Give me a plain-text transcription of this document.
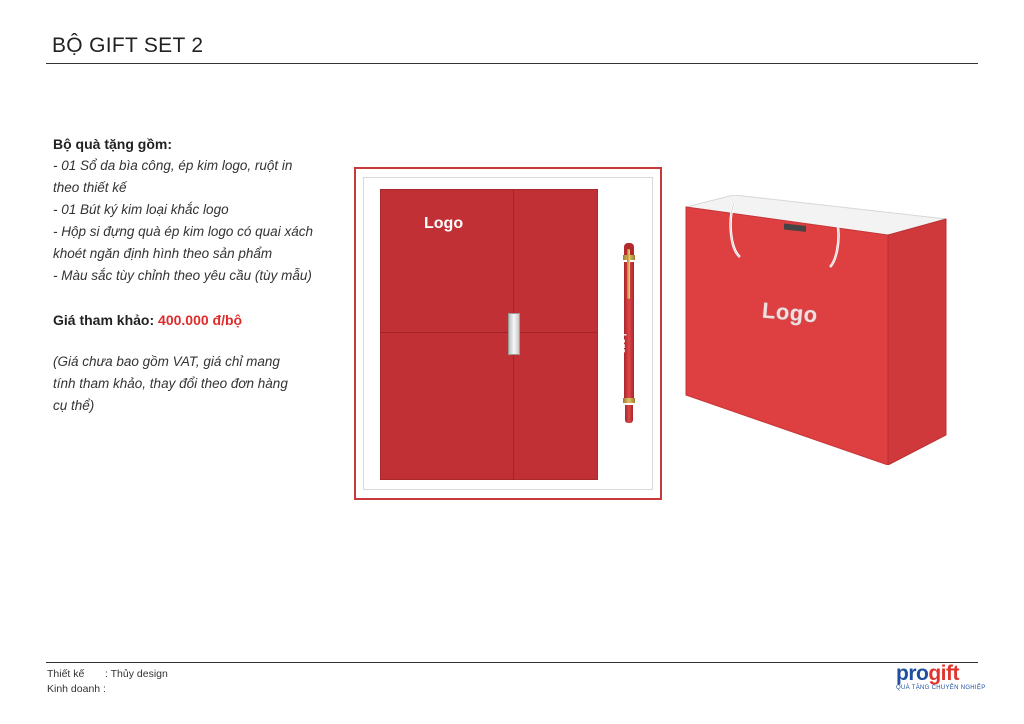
BỘ GIFT SET 2
Bộ quà tặng gồm:
- 01 Sổ da bìa công, ép kim logo, ruột in
theo thiết kế
- 01 Bút ký kim loại khắc logo
- Hộp si đựng quà ép kim logo có quai xách
khoét ngăn định hình theo sản phẩm
- Màu sắc tùy chỉnh theo yêu cầu (tùy mẫu)
Giá tham khảo: 400.000 đ/bộ
(Giá chưa bao gồm VAT, giá chỉ mang
tính tham khảo, thay đổi theo đơn hàng
cụ thể)
Logo
Logo
Logo
Thiết kế : Thủy design
Kinh doanh :
progift
QUÀ TẶNG CHUYÊN NGHIỆP
